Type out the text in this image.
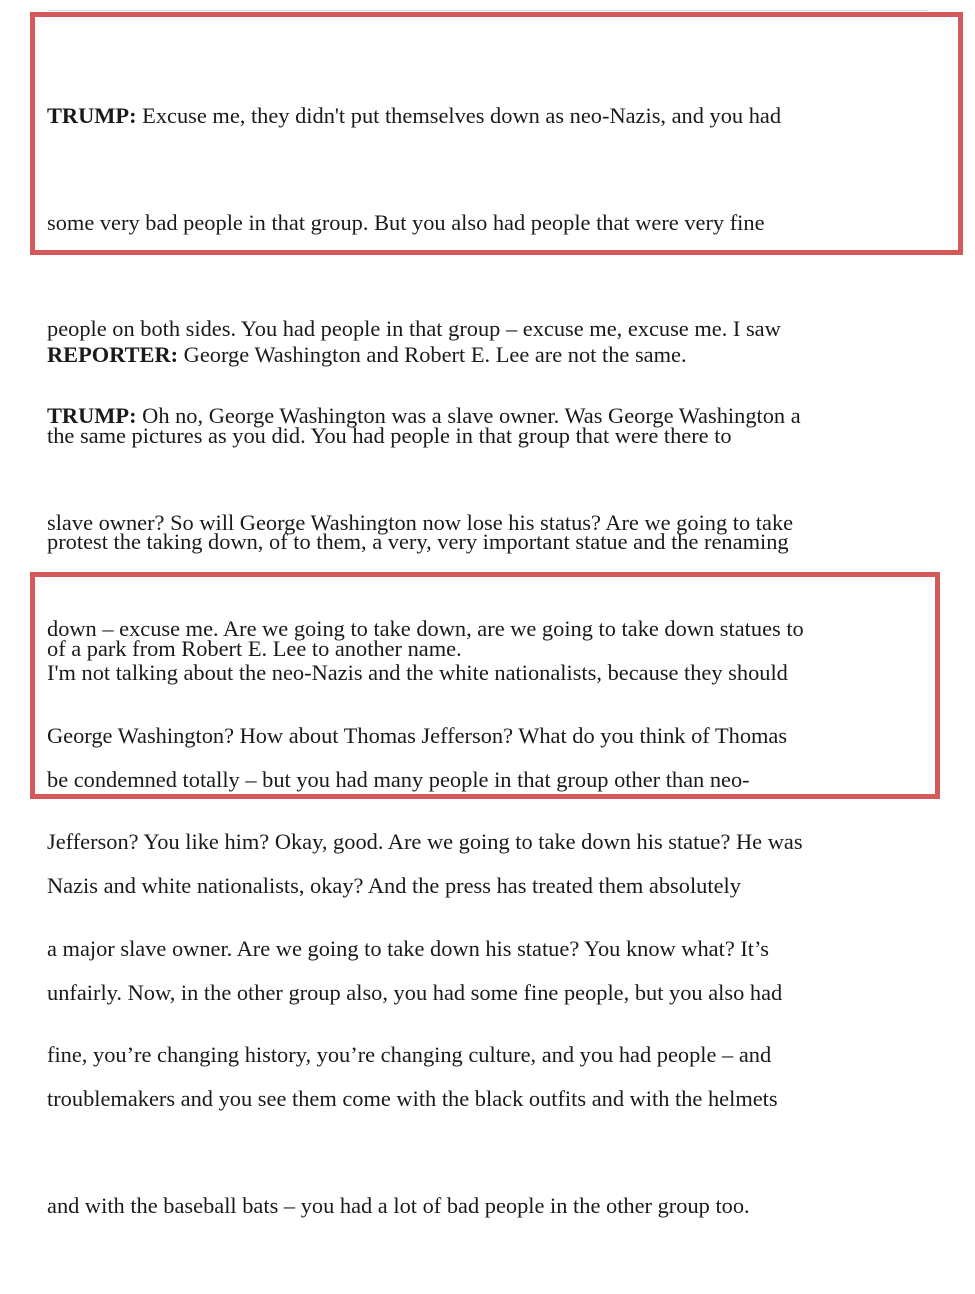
TRUMP: Excuse me, they didn't put themselves down as neo-Nazis, and you had

some very bad people in that group. But you also had people that were very fine

people on both sides. You had people in that group – excuse me, excuse me. I saw

the same pictures as you did. You had people in that group that were there to

protest the taking down, of to them, a very, very important statue and the renaming

of a park from Robert E. Lee to another name.

REPORTER: George Washington and Robert E. Lee are not the same.

TRUMP: Oh no, George Washington was a slave owner. Was George Washington a

slave owner? So will George Washington now lose his status? Are we going to take

down – excuse me. Are we going to take down, are we going to take down statues to

George Washington? How about Thomas Jefferson? What do you think of Thomas

Jefferson? You like him? Okay, good. Are we going to take down his statue? He was

a major slave owner. Are we going to take down his statue? You know what? It’s

fine, you’re changing history, you’re changing culture, and you had people – and

I'm not talking about the neo-Nazis and the white nationalists, because they should

be condemned totally – but you had many people in that group other than neo-

Nazis and white nationalists, okay? And the press has treated them absolutely

unfairly. Now, in the other group also, you had some fine people, but you also had

troublemakers and you see them come with the black outfits and with the helmets

and with the baseball bats – you had a lot of bad people in the other group too.
